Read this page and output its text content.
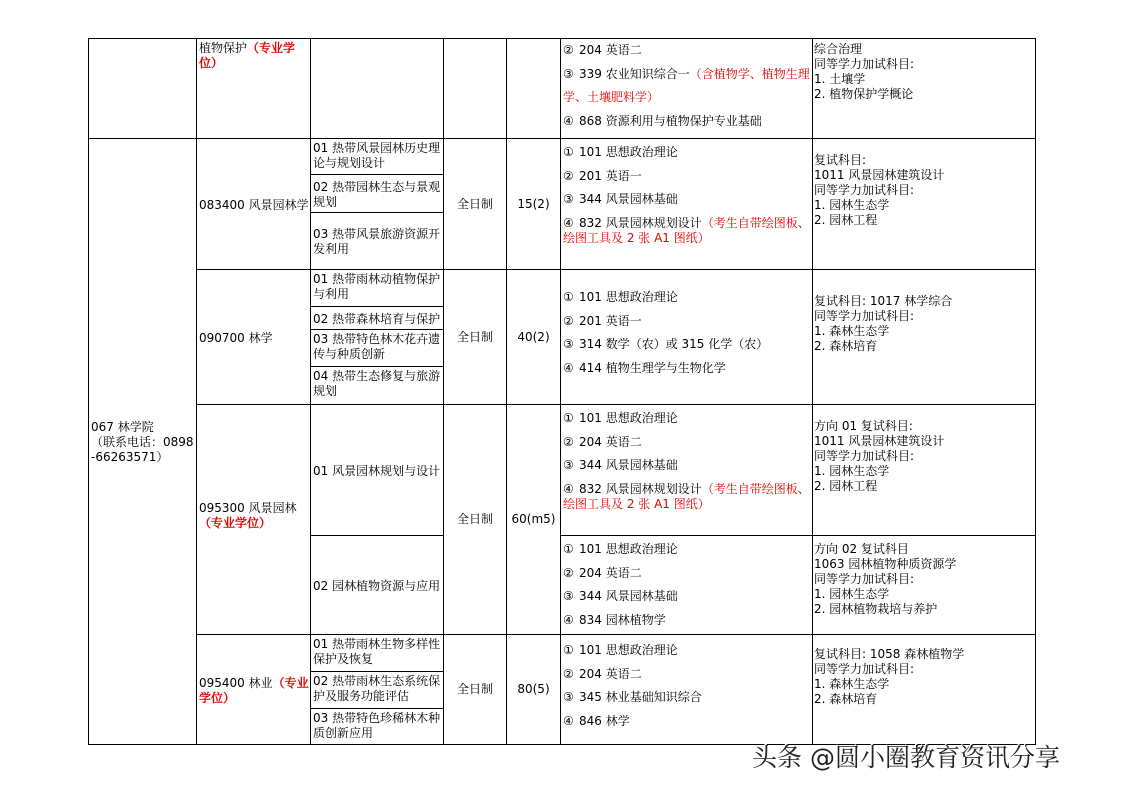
植物保护（专业学位）
② 204 英语二
③ 339 农业知识综合一（含植物学、植物生理学、土壤肥料学）
④ 868 资源利用与植物保护专业基础
综合治理
同等学力加试科目:
1. 土壤学
2. 植物保护学概论
067 林学院
（联系电话：0898-66263571）
083400 风景园林学
01 热带风景园林历史理论与规划设计
02 热带园林生态与景观规划
03 热带风景旅游资源开发利用
全日制 15(2)
① 101 思想政治理论
② 201 英语一
③ 344 风景园林基础
④ 832 风景园林规划设计（考生自带绘图板、绘图工具及 2 张 A1 图纸）
复试科目:
1011 风景园林建筑设计
同等学力加试科目:
1. 园林生态学
2. 园林工程
090700 林学
01 热带雨林动植物保护与利用
02 热带森林培育与保护
03 热带特色林木花卉遗传与种质创新
04 热带生态修复与旅游规划
全日制 40(2)
① 101 思想政治理论
② 201 英语一
③ 314 数学（农）或 315 化学（农）
④ 414 植物生理学与生物化学
复试科目: 1017 林学综合
同等学力加试科目:
1. 森林生态学
2. 森林培育
095300 风景园林
（专业学位）
01 风景园林规划与设计
02 园林植物资源与应用
全日制 60(m5)
① 101 思想政治理论
② 204 英语二
③ 344 风景园林基础
④ 832 风景园林规划设计（考生自带绘图板、绘图工具及 2 张 A1 图纸）
方向 01 复试科目:
1011 风景园林建筑设计
同等学力加试科目:
1. 园林生态学
2. 园林工程
① 101 思想政治理论
② 204 英语二
③ 344 风景园林基础
④ 834 园林植物学
方向 02 复试科目
1063 园林植物种质资源学
同等学力加试科目:
1. 园林生态学
2. 园林植物栽培与养护
095400 林业（专业学位）
01 热带雨林生物多样性保护及恢复
02 热带雨林生态系统保护及服务功能评估
03 热带特色珍稀林木种质创新应用
全日制 80(5)
① 101 思想政治理论
② 204 英语二
③ 345 林业基础知识综合
④ 846 林学
复试科目: 1058 森林植物学
同等学力加试科目:
1. 森林生态学
2. 森林培育
头条 @圆小圈教育资讯分享
